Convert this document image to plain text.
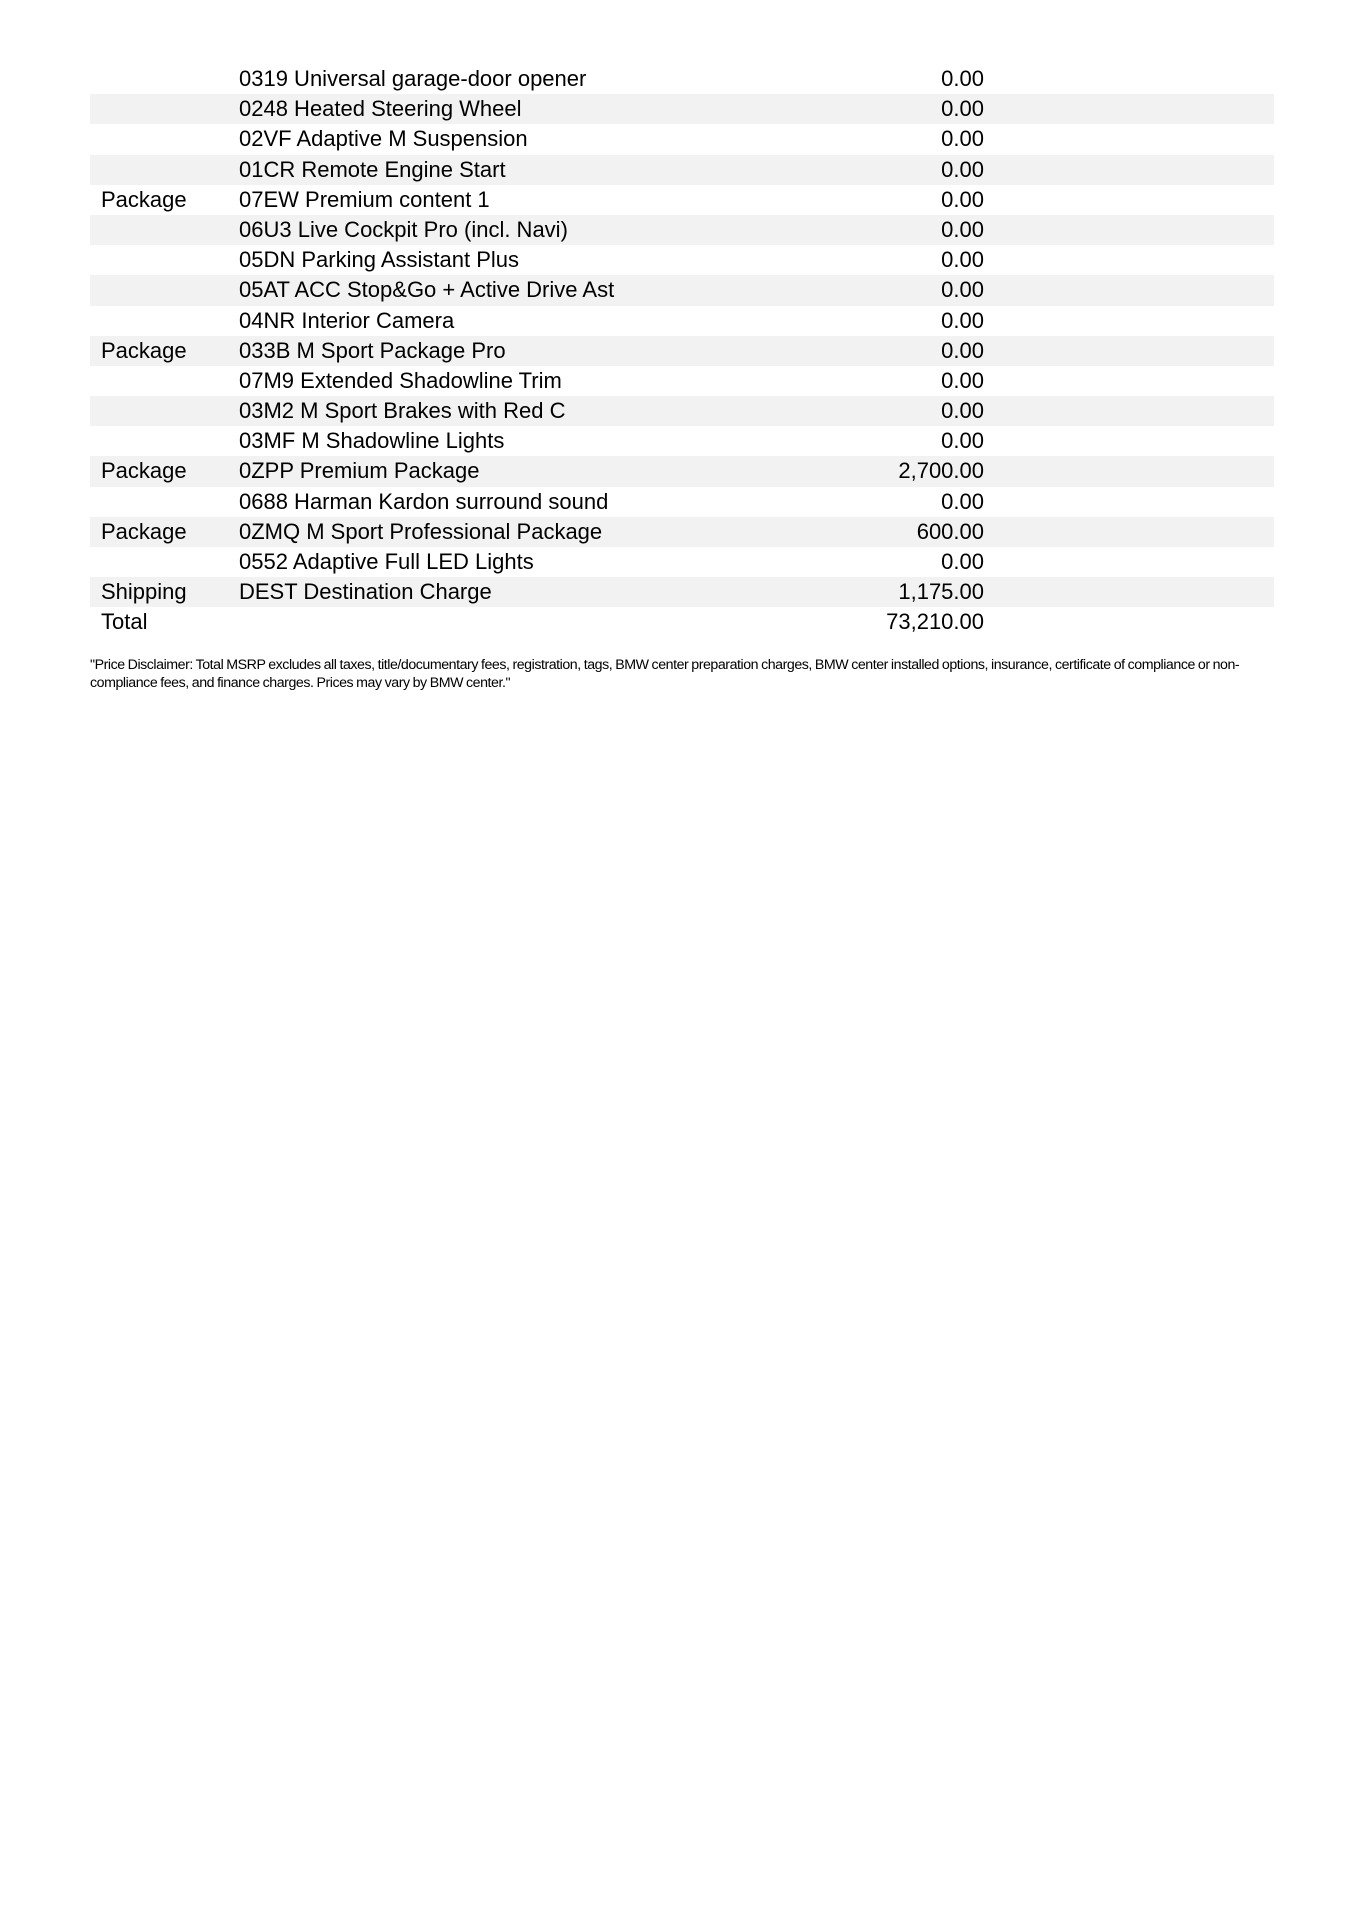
0319 Universal garage-door opener	0.00
0248 Heated Steering Wheel	0.00
02VF Adaptive M Suspension	0.00
01CR Remote Engine Start	0.00
Package 07EW Premium content 1	0.00
06U3 Live Cockpit Pro (incl. Navi)	0.00
05DN Parking Assistant Plus	0.00
05AT ACC Stop&Go + Active Drive Ast	0.00
04NR Interior Camera	0.00
Package 033B M Sport Package Pro	0.00
07M9 Extended Shadowline Trim	0.00
03M2 M Sport Brakes with Red C	0.00
03MF M Shadowline Lights	0.00
Package 0ZPP Premium Package	2,700.00
0688 Harman Kardon surround sound	0.00
Package 0ZMQ M Sport Professional Package	600.00
0552 Adaptive Full LED Lights	0.00
Shipping DEST Destination Charge	1,175.00
Total	73,210.00
"Price Disclaimer: Total MSRP excludes all taxes, title/documentary fees, registration, tags, BMW center preparation charges, BMW center installed options, insurance, certificate of compliance or non-compliance fees, and finance charges. Prices may vary by BMW center."
